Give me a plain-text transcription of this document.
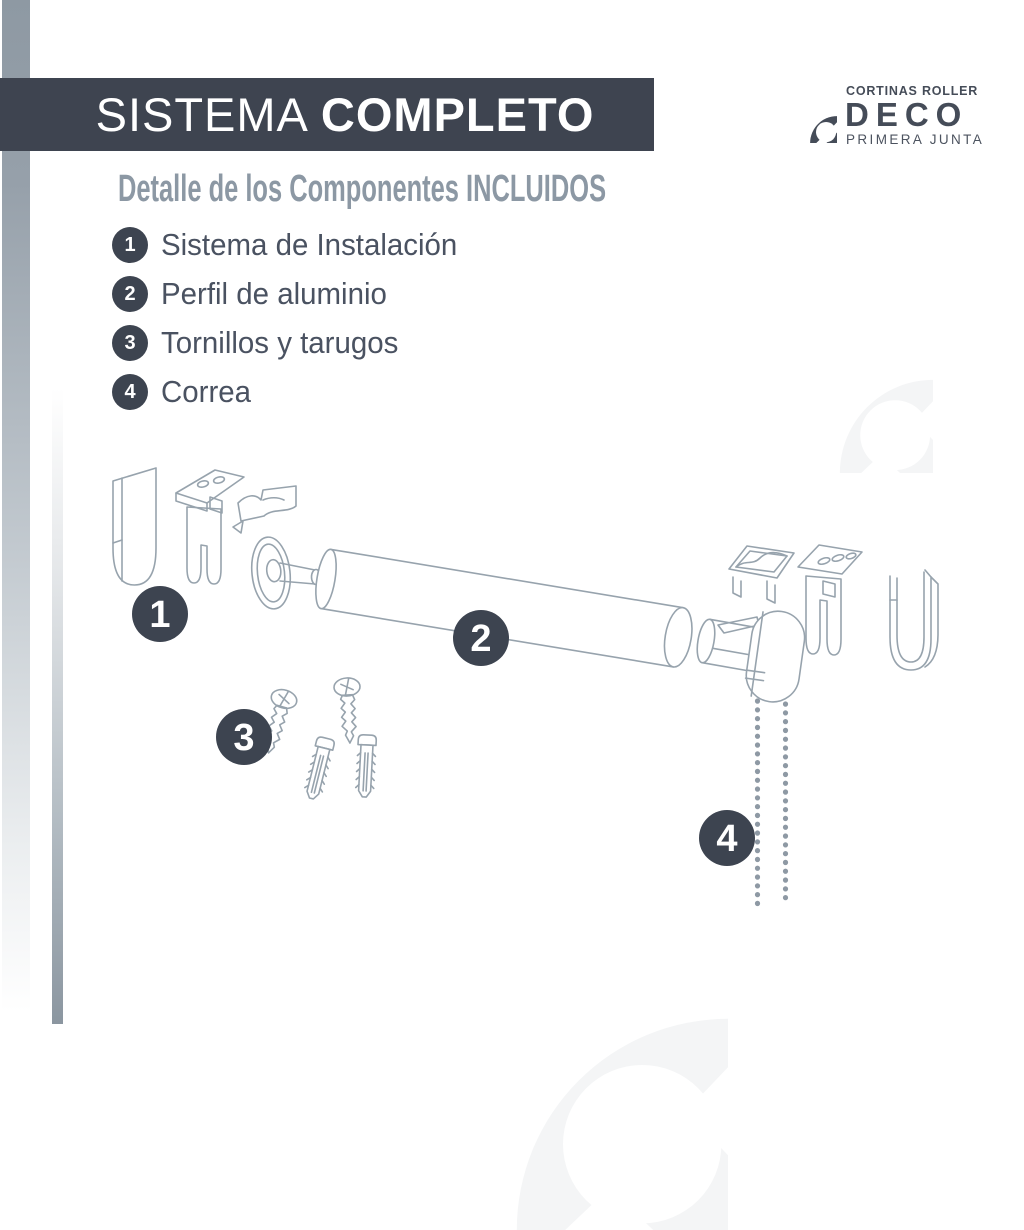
1
2
3
4
SISTEMA COMPLETO	CORTINAS ROLLER
DECO
PRIMERA JUNTA
Detalle de los Componentes INCLUIDOS
1 Sistema de Instalación
2 Perfil de aluminio
3 Tornillos y tarugos
4 Correa
